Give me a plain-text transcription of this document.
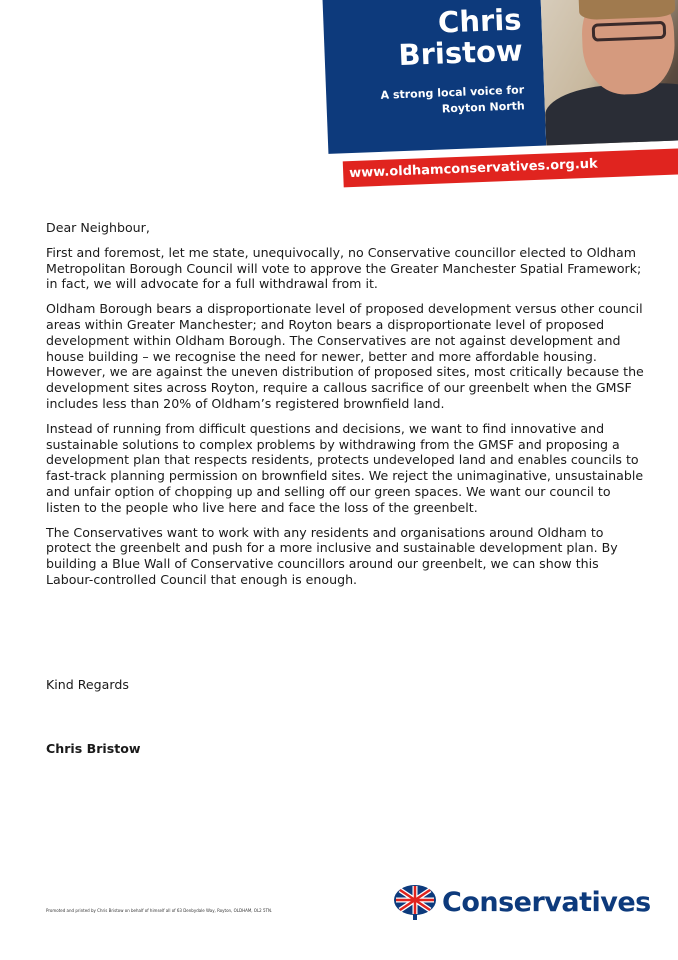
Chris
Bristow
A strong local voice for
Royton North
www.oldhamconservatives.org.uk

Dear Neighbour,

First and foremost, let me state, unequivocally, no Conservative councillor elected to Oldham Metropolitan Borough Council will vote to approve the Greater Manchester Spatial Framework; in fact, we will advocate for a full withdrawal from it.

Oldham Borough bears a disproportionate level of proposed development versus other council areas within Greater Manchester; and Royton bears a disproportionate level of proposed development within Oldham Borough. The Conservatives are not against development and house building – we recognise the need for newer, better and more affordable housing. However, we are against the uneven distribution of proposed sites, most critically because the development sites across Royton, require a callous sacrifice of our greenbelt when the GMSF includes less than 20% of Oldham’s registered brownfield land.

Instead of running from difficult questions and decisions, we want to find innovative and sustainable solutions to complex problems by withdrawing from the GMSF and proposing a development plan that respects residents, protects undeveloped land and enables councils to fast-track planning permission on brownfield sites. We reject the unimaginative, unsustainable and unfair option of chopping up and selling off our green spaces. We want our council to listen to the people who live here and face the loss of the greenbelt.

The Conservatives want to work with any residents and organisations around Oldham to protect the greenbelt and push for a more inclusive and sustainable development plan. By building a Blue Wall of Conservative councillors around our greenbelt, we can show this Labour-controlled Council that enough is enough.

Kind Regards
Chris Bristow
Promoted and printed by Chris Bristow on behalf of himself all of 63 Denbydale Way, Royton, OLDHAM, OL2 5TN.	Conservatives
